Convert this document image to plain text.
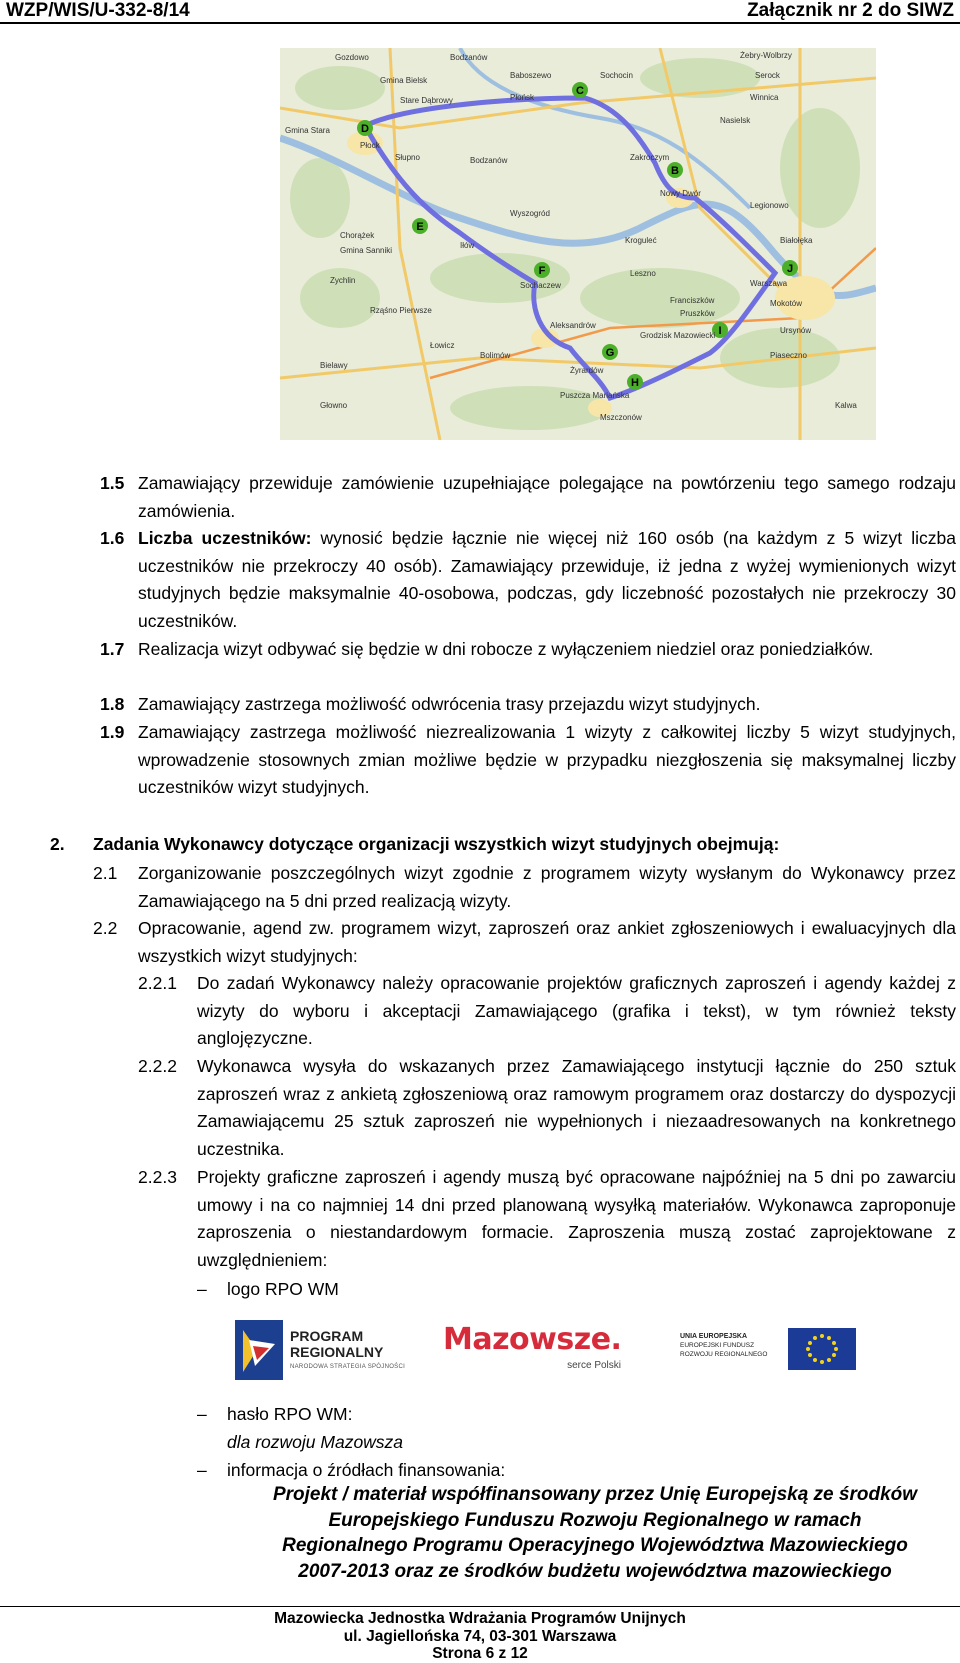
WZP/WIS/U-332-8/14	Załącznik nr 2 do SIWZ
C
D
B
E
F	J
I
G
H
Gozdowo	Bodzanów
Gmina Bielsk
Baboszewo	Sochocin
Żebry-Wolbrzy
Serock
Gmina Stara
Stare Dąbrowy	Płońsk	Winnica
Nasielsk
Płock
Słupno	Bodzanów	Zakroczym
Nowy Dwór
Legionowo
Wyszogród
Chorążek
Gmina Sanniki
Iłów
Kroguleć	Białołęka
Leszno
Warszawa
Zychlin
Sochaczew
Mokotów
Franciszków
Rząśno Pierwsze	Pruszków
Ursynów
Aleksandrów
Grodzisk Mazowiecki
Łowicz
Bolimów	Piaseczno
Bielawy
Żyrardów
Puszcza Mariańska
Mszczonów
Głowno	Kalwa
1.5 Zamawiający przewiduje zamówienie uzupełniające polegające na powtórzeniu tego samego rodzaju zamówienia.
1.6 Liczba uczestników: wynosić będzie łącznie nie więcej niż 160 osób (na każdym z 5 wizyt liczba uczestników nie przekroczy 40 osób). Zamawiający przewiduje, iż jedna z wyżej wymienionych wizyt studyjnych będzie maksymalnie 40-osobowa, podczas, gdy liczebność pozostałych nie przekroczy 30 uczestników.
1.7 Realizacja wizyt odbywać się będzie w dni robocze z wyłączeniem niedziel oraz poniedziałków.
1.8 Zamawiający zastrzega możliwość odwrócenia trasy przejazdu wizyt studyjnych.
1.9 Zamawiający zastrzega możliwość niezrealizowania 1 wizyty z całkowitej liczby 5 wizyt studyjnych, wprowadzenie stosownych zmian możliwe będzie w przypadku niezgłoszenia się maksymalnej liczby uczestników wizyt studyjnych.
2. Zadania Wykonawcy dotyczące organizacji wszystkich wizyt studyjnych obejmują:
2.1 Zorganizowanie poszczególnych wizyt zgodnie z programem wizyty wysłanym do Wykonawcy przez Zamawiającego na 5 dni przed realizacją wizyty.
2.2 Opracowanie, agend zw. programem wizyt, zaproszeń oraz ankiet zgłoszeniowych i ewaluacyjnych dla wszystkich wizyt studyjnych:
2.2.1 Do zadań Wykonawcy należy opracowanie projektów graficznych zaproszeń i agendy każdej z wizyty do wyboru i akceptacji Zamawiającego (grafika i tekst), w tym również teksty anglojęzyczne.
2.2.2 Wykonawca wysyła do wskazanych przez Zamawiającego instytucji łącznie do 250 sztuk zaproszeń wraz z ankietą zgłoszeniową oraz ramowym programem oraz dostarczy do dyspozycji Zamawiającemu 25 sztuk zaproszeń nie wypełnionych i niezaadresowanych na konkretnego uczestnika.
2.2.3 Projekty graficzne zaproszeń i agendy muszą być opracowane najpóźniej na 5 dni po zawarciu umowy i na co najmniej 14 dni przed planowaną wysyłką materiałów. Wykonawca zaproponuje zaproszenia o niestandardowym formacie. Zaproszenia muszą zostać zaprojektowane z uwzględnieniem:
– logo RPO WM
PROGRAM
REGIONALNY
NARODOWA STRATEGIA SPÓJNOŚCI
Mazowsze.
serce Polski
UNIA EUROPEJSKA
EUROPEJSKI FUNDUSZ
ROZWOJU REGIONALNEGO
– hasło RPO WM:
dla rozwoju Mazowsza
– informacja o źródłach finansowania:
Projekt / materiał współfinansowany przez Unię Europejską ze środków
Europejskiego Funduszu Rozwoju Regionalnego w ramach
Regionalnego Programu Operacyjnego Województwa Mazowieckiego
2007-2013 oraz ze środków budżetu województwa mazowieckiego
Mazowiecka Jednostka Wdrażania Programów Unijnych
ul. Jagiellońska 74, 03-301 Warszawa
Strona 6 z 12
